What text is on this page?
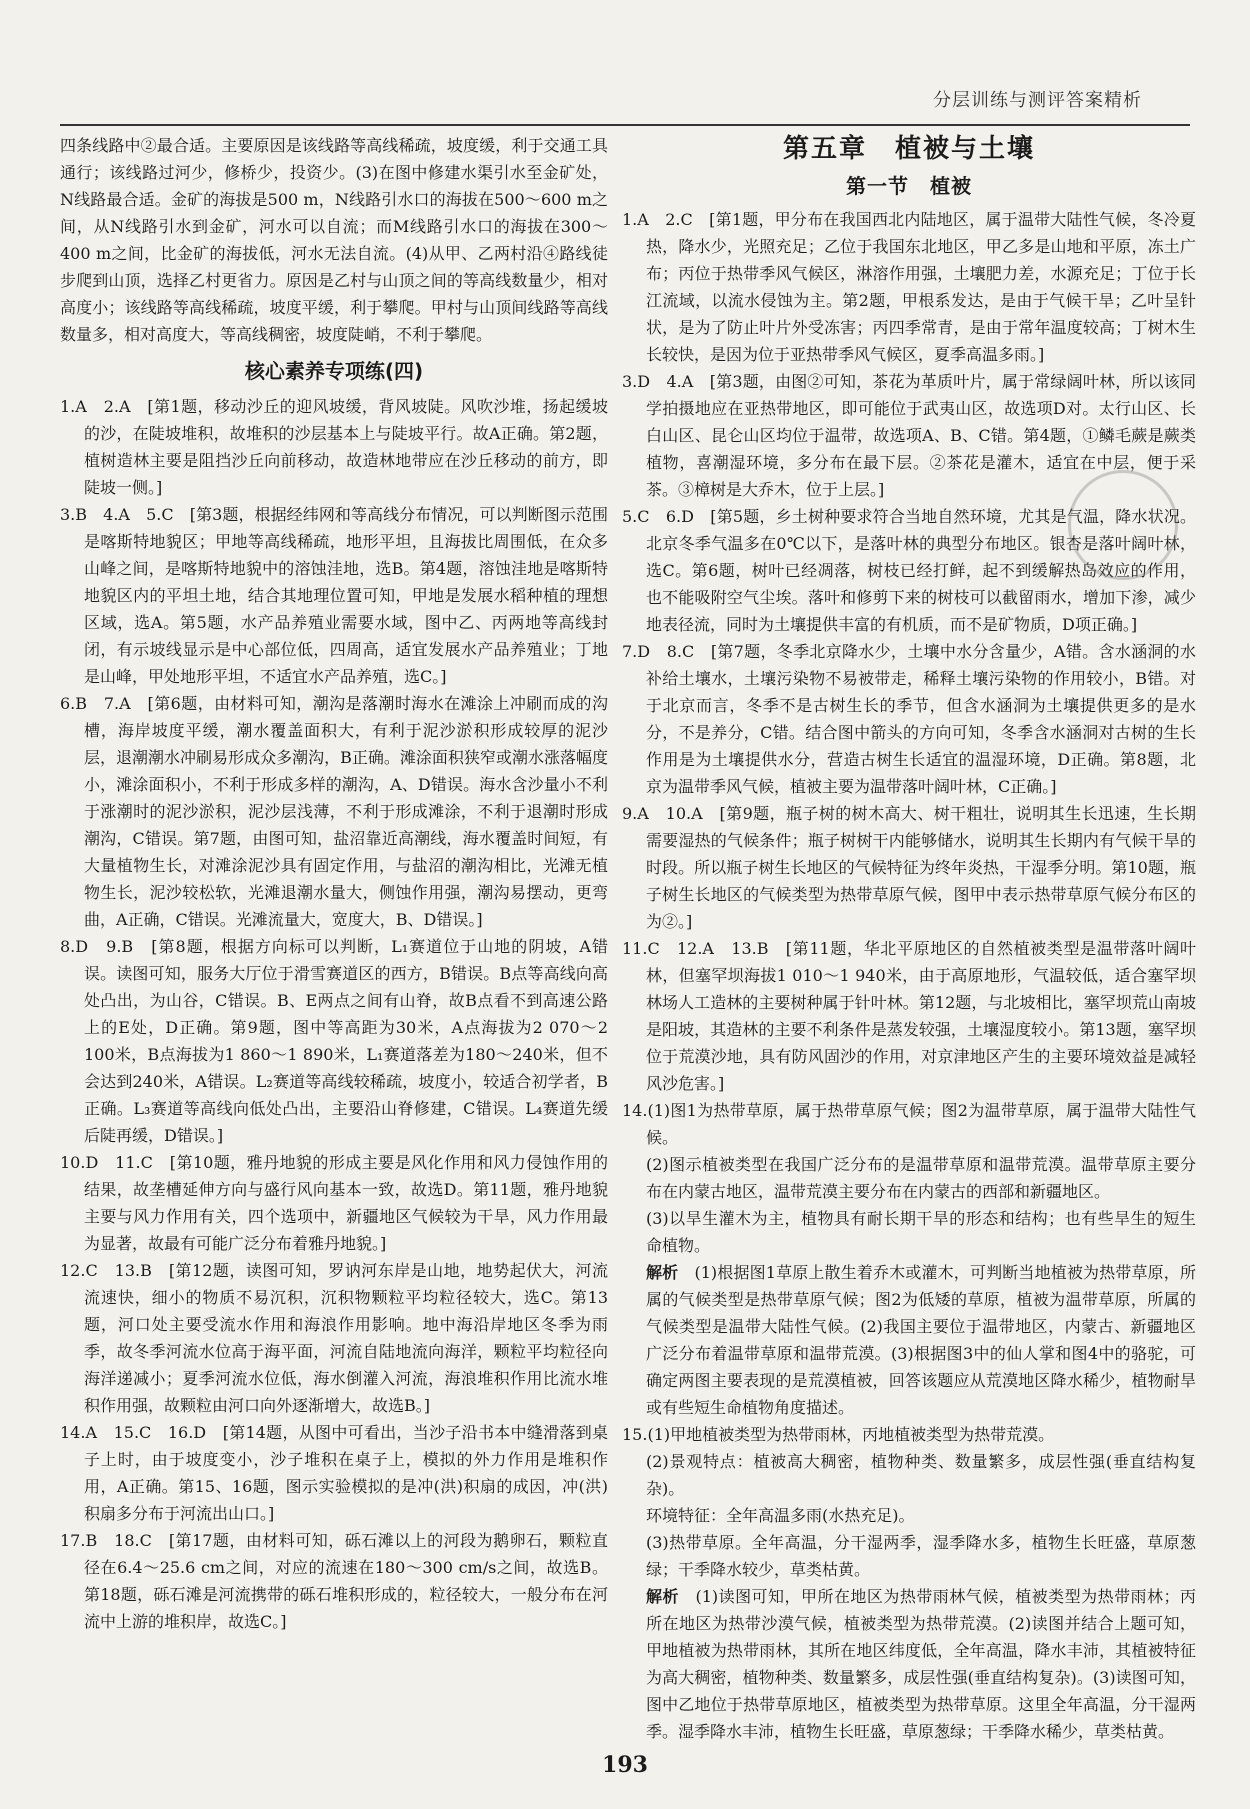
分层训练与测评答案精析

四条线路中②最合适。主要原因是该线路等高线稀疏，坡度缓，利于交通工具通行；该线路过河少，修桥少，投资少。(3)在图中修建水渠引水至金矿处，N线路最合适。金矿的海拔是500 m，N线路引水口的海拔在500～600 m之间，从N线路引水到金矿，河水可以自流；而M线路引水口的海拔在300～400 m之间，比金矿的海拔低，河水无法自流。(4)从甲、乙两村沿④路线徒步爬到山顶，选择乙村更省力。原因是乙村与山顶之间的等高线数量少，相对高度小；该线路等高线稀疏，坡度平缓，利于攀爬。甲村与山顶间线路等高线数量多，相对高度大，等高线稠密，坡度陡峭，不利于攀爬。

核心素养专项练(四)

1.A　2.A　[第1题，移动沙丘的迎风坡缓，背风坡陡。风吹沙堆，扬起缓坡的沙，在陡坡堆积，故堆积的沙层基本上与陡坡平行。故A正确。第2题，植树造林主要是阻挡沙丘向前移动，故造林地带应在沙丘移动的前方，即陡坡一侧。]

3.B　4.A　5.C　[第3题，根据经纬网和等高线分布情况，可以判断图示范围是喀斯特地貌区；甲地等高线稀疏，地形平坦，且海拔比周围低，在众多山峰之间，是喀斯特地貌中的溶蚀洼地，选B。第4题，溶蚀洼地是喀斯特地貌区内的平坦土地，结合其地理位置可知，甲地是发展水稻种植的理想区域，选A。第5题，水产品养殖业需要水域，图中乙、丙两地等高线封闭，有示坡线显示是中心部位低，四周高，适宜发展水产品养殖业；丁地是山峰，甲处地形平坦，不适宜水产品养殖，选C。]

6.B　7.A　[第6题，由材料可知，潮沟是落潮时海水在滩涂上冲刷而成的沟槽，海岸坡度平缓，潮水覆盖面积大，有利于泥沙淤积形成较厚的泥沙层，退潮潮水冲刷易形成众多潮沟，B正确。滩涂面积狭窄或潮水涨落幅度小，滩涂面积小，不利于形成多样的潮沟，A、D错误。海水含沙量小不利于涨潮时的泥沙淤积，泥沙层浅薄，不利于形成滩涂，不利于退潮时形成潮沟，C错误。第7题，由图可知，盐沼靠近高潮线，海水覆盖时间短，有大量植物生长，对滩涂泥沙具有固定作用，与盐沼的潮沟相比，光滩无植物生长，泥沙较松软，光滩退潮水量大，侧蚀作用强，潮沟易摆动，更弯曲，A正确，C错误。光滩流量大，宽度大，B、D错误。]

8.D　9.B　[第8题，根据方向标可以判断，L₁赛道位于山地的阴坡，A错误。读图可知，服务大厅位于滑雪赛道区的西方，B错误。B点等高线向高处凸出，为山谷，C错误。B、E两点之间有山脊，故B点看不到高速公路上的E处，D正确。第9题，图中等高距为30米，A点海拔为2 070～2 100米，B点海拔为1 860～1 890米，L₁赛道落差为180～240米，但不会达到240米，A错误。L₂赛道等高线较稀疏，坡度小，较适合初学者，B正确。L₃赛道等高线向低处凸出，主要沿山脊修建，C错误。L₄赛道先缓后陡再缓，D错误。]

10.D　11.C　[第10题，雅丹地貌的形成主要是风化作用和风力侵蚀作用的结果，故垄槽延伸方向与盛行风向基本一致，故选D。第11题，雅丹地貌主要与风力作用有关，四个选项中，新疆地区气候较为干旱，风力作用最为显著，故最有可能广泛分布着雅丹地貌。]

12.C　13.B　[第12题，读图可知，罗讷河东岸是山地，地势起伏大，河流流速快，细小的物质不易沉积，沉积物颗粒平均粒径较大，选C。第13题，河口处主要受流水作用和海浪作用影响。地中海沿岸地区冬季为雨季，故冬季河流水位高于海平面，河流自陆地流向海洋，颗粒平均粒径向海洋递减小；夏季河流水位低，海水倒灌入河流，海浪堆积作用比流水堆积作用强，故颗粒由河口向外逐渐增大，故选B。]

14.A　15.C　16.D　[第14题，从图中可看出，当沙子沿书本中缝滑落到桌子上时，由于坡度变小，沙子堆积在桌子上，模拟的外力作用是堆积作用，A正确。第15、16题，图示实验模拟的是冲(洪)积扇的成因，冲(洪)积扇多分布于河流出山口。]

17.B　18.C　[第17题，由材料可知，砾石滩以上的河段为鹅卵石，颗粒直径在6.4～25.6 cm之间，对应的流速在180～300 cm/s之间，故选B。第18题，砾石滩是河流携带的砾石堆积形成的，粒径较大，一般分布在河流中上游的堆积岸，故选C。]

第五章　植被与土壤
第一节　植被

1.A　2.C　[第1题，甲分布在我国西北内陆地区，属于温带大陆性气候，冬冷夏热，降水少，光照充足；乙位于我国东北地区，甲乙多是山地和平原，冻土广布；丙位于热带季风气候区，淋溶作用强，土壤肥力差，水源充足；丁位于长江流域，以流水侵蚀为主。第2题，甲根系发达，是由于气候干旱；乙叶呈针状，是为了防止叶片外受冻害；丙四季常青，是由于常年温度较高；丁树木生长较快，是因为位于亚热带季风气候区，夏季高温多雨。]

3.D　4.A　[第3题，由图②可知，茶花为革质叶片，属于常绿阔叶林，所以该同学拍摄地应在亚热带地区，即可能位于武夷山区，故选项D对。太行山区、长白山区、昆仑山区均位于温带，故选项A、B、C错。第4题，①鳞毛蕨是蕨类植物，喜潮湿环境，多分布在最下层。②茶花是灌木，适宜在中层，便于采茶。③樟树是大乔木，位于上层。]

5.C　6.D　[第5题，乡土树种要求符合当地自然环境，尤其是气温，降水状况。北京冬季气温多在0℃以下，是落叶林的典型分布地区。银杏是落叶阔叶林，选C。第6题，树叶已经凋落，树枝已经打鲜，起不到缓解热岛效应的作用，也不能吸附空气尘埃。落叶和修剪下来的树枝可以截留雨水，增加下渗，减少地表径流，同时为土壤提供丰富的有机质，而不是矿物质，D项正确。]

7.D　8.C　[第7题，冬季北京降水少，土壤中水分含量少，A错。含水涵洞的水补给土壤水，土壤污染物不易被带走，稀释土壤污染物的作用较小，B错。对于北京而言，冬季不是古树生长的季节，但含水涵洞为土壤提供更多的是水分，不是养分，C错。结合图中箭头的方向可知，冬季含水涵洞对古树的生长作用是为土壤提供水分，营造古树生长适宜的温湿环境，D正确。第8题，北京为温带季风气候，植被主要为温带落叶阔叶林，C正确。]

9.A　10.A　[第9题，瓶子树的树木高大、树干粗壮，说明其生长迅速，生长期需要湿热的气候条件；瓶子树树干内能够储水，说明其生长期内有气候干旱的时段。所以瓶子树生长地区的气候特征为终年炎热，干湿季分明。第10题，瓶子树生长地区的气候类型为热带草原气候，图甲中表示热带草原气候分布区的为②。]

11.C　12.A　13.B　[第11题，华北平原地区的自然植被类型是温带落叶阔叶林，但塞罕坝海拔1 010～1 940米，由于高原地形，气温较低，适合塞罕坝林场人工造林的主要树种属于针叶林。第12题，与北坡相比，塞罕坝荒山南坡是阳坡，其造林的主要不利条件是蒸发较强，土壤湿度较小。第13题，塞罕坝位于荒漠沙地，具有防风固沙的作用，对京津地区产生的主要环境效益是减轻风沙危害。]

14.(1)图1为热带草原，属于热带草原气候；图2为温带草原，属于温带大陆性气候。

(2)图示植被类型在我国广泛分布的是温带草原和温带荒漠。温带草原主要分布在内蒙古地区，温带荒漠主要分布在内蒙古的西部和新疆地区。

(3)以旱生灌木为主，植物具有耐长期干旱的形态和结构；也有些旱生的短生命植物。

解析　 (1)根据图1草原上散生着乔木或灌木，可判断当地植被为热带草原，所属的气候类型是热带草原气候；图2为低矮的草原，植被为温带草原，所属的气候类型是温带大陆性气候。(2)我国主要位于温带地区，内蒙古、新疆地区广泛分布着温带草原和温带荒漠。(3)根据图3中的仙人掌和图4中的骆驼，可确定两图主要表现的是荒漠植被，回答该题应从荒漠地区降水稀少，植物耐旱或有些短生命植物角度描述。

15.(1)甲地植被类型为热带雨林，丙地植被类型为热带荒漠。

(2)景观特点：植被高大稠密，植物种类、数量繁多，成层性强(垂直结构复杂)。

环境特征：全年高温多雨(水热充足)。

(3)热带草原。全年高温，分干湿两季，湿季降水多，植物生长旺盛，草原葱绿；干季降水较少，草类枯黄。

解析　 (1)读图可知，甲所在地区为热带雨林气候，植被类型为热带雨林；丙所在地区为热带沙漠气候，植被类型为热带荒漠。(2)读图并结合上题可知，甲地植被为热带雨林，其所在地区纬度低，全年高温，降水丰沛，其植被特征为高大稠密，植物种类、数量繁多，成层性强(垂直结构复杂)。(3)读图可知，图中乙地位于热带草原地区，植被类型为热带草原。这里全年高温，分干湿两季。湿季降水丰沛，植物生长旺盛，草原葱绿；干季降水稀少，草类枯黄。

193
